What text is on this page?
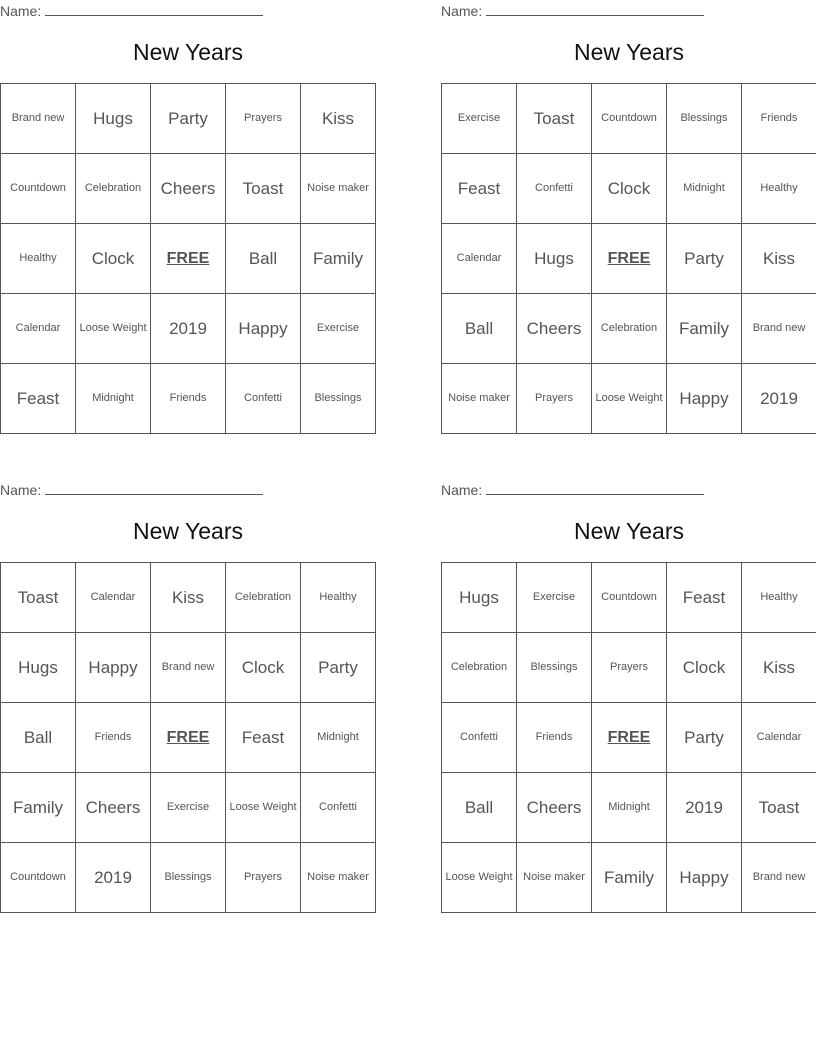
Name:
New Years
Brand new	Hugs	Party	Prayers	Kiss
Countdown	Celebration	Cheers	Toast	Noise maker
Healthy	Clock	FREE	Ball	Family
Calendar	Loose Weight	2019	Happy	Exercise
Feast	Midnight	Friends	Confetti	Blessings
Name:
New Years
Exercise	Toast	Countdown	Blessings	Friends
Feast	Confetti	Clock	Midnight	Healthy
Calendar	Hugs	FREE	Party	Kiss
Ball	Cheers	Celebration	Family	Brand new
Noise maker	Prayers	Loose Weight	Happy	2019
Name:
New Years
Toast	Calendar	Kiss	Celebration	Healthy
Hugs	Happy	Brand new	Clock	Party
Ball	Friends	FREE	Feast	Midnight
Family	Cheers	Exercise	Loose Weight	Confetti
Countdown	2019	Blessings	Prayers	Noise maker
Name:
New Years
Hugs	Exercise	Countdown	Feast	Healthy
Celebration	Blessings	Prayers	Clock	Kiss
Confetti	Friends	FREE	Party	Calendar
Ball	Cheers	Midnight	2019	Toast
Loose Weight	Noise maker	Family	Happy	Brand new
